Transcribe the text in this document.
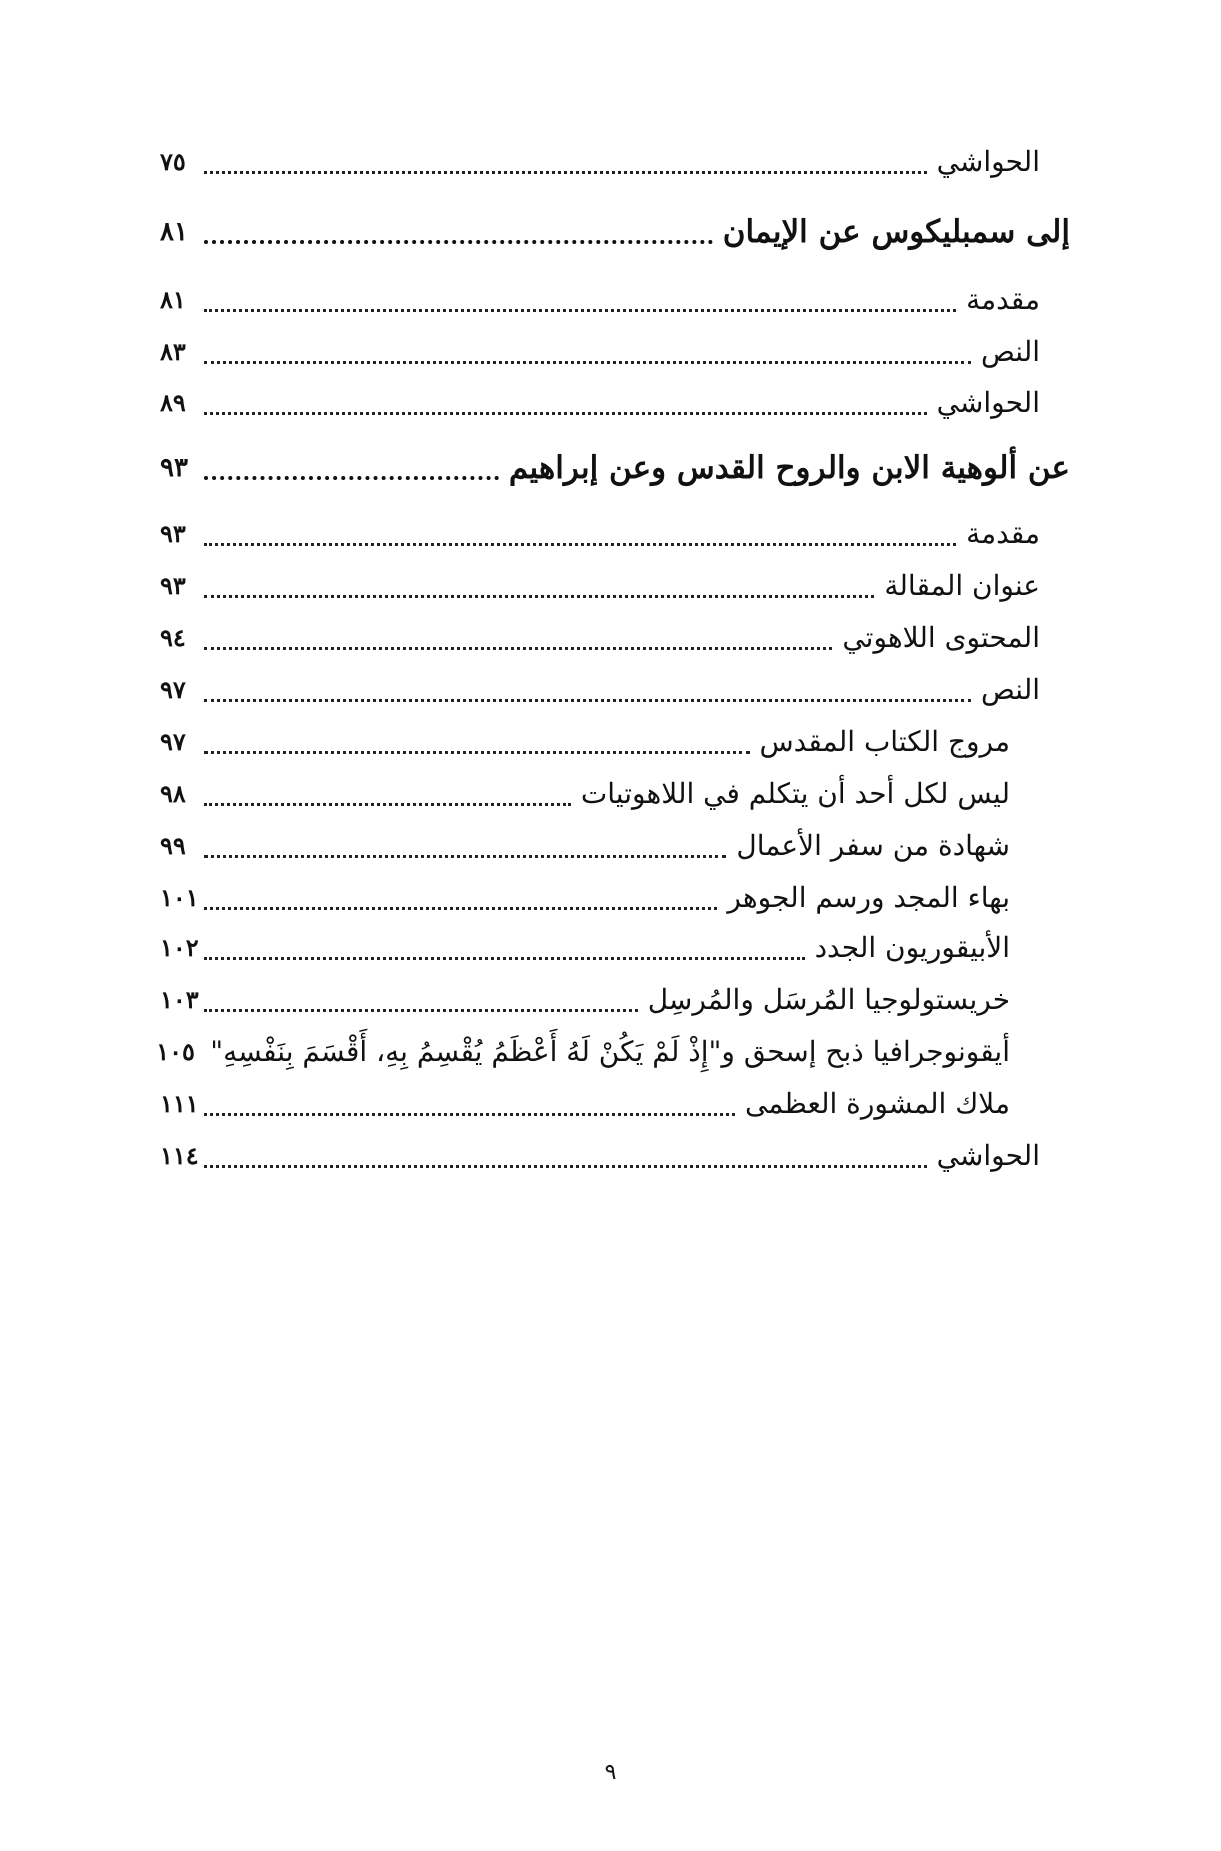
الحواشي
٧٥
إلى سمبليكوس عن الإيمان
٨١
مقدمة
٨١
النص
٨٣
الحواشي
٨٩
عن ألوهية الابن والروح القدس وعن إبراهيم
٩٣
مقدمة
٩٣
عنوان المقالة
٩٣
المحتوى اللاهوتي
٩٤
النص
٩٧
مروج الكتاب المقدس
٩٧
ليس لكل أحد أن يتكلم في اللاهوتيات
٩٨
شهادة من سفر الأعمال
٩٩
بهاء المجد ورسم الجوهر
١٠١
الأبيقوريون الجدد
١٠٢
خريستولوجيا المُرسَل والمُرسِل
١٠٣
أيقونوجرافيا ذبح إسحق و"إِذْ لَمْ يَكُنْ لَهُ أَعْظَمُ يُقْسِمُ بِهِ، أَقْسَمَ بِنَفْسِهِ"
١٠٥
ملاك المشورة العظمى
١١١
الحواشي
١١٤
٩
